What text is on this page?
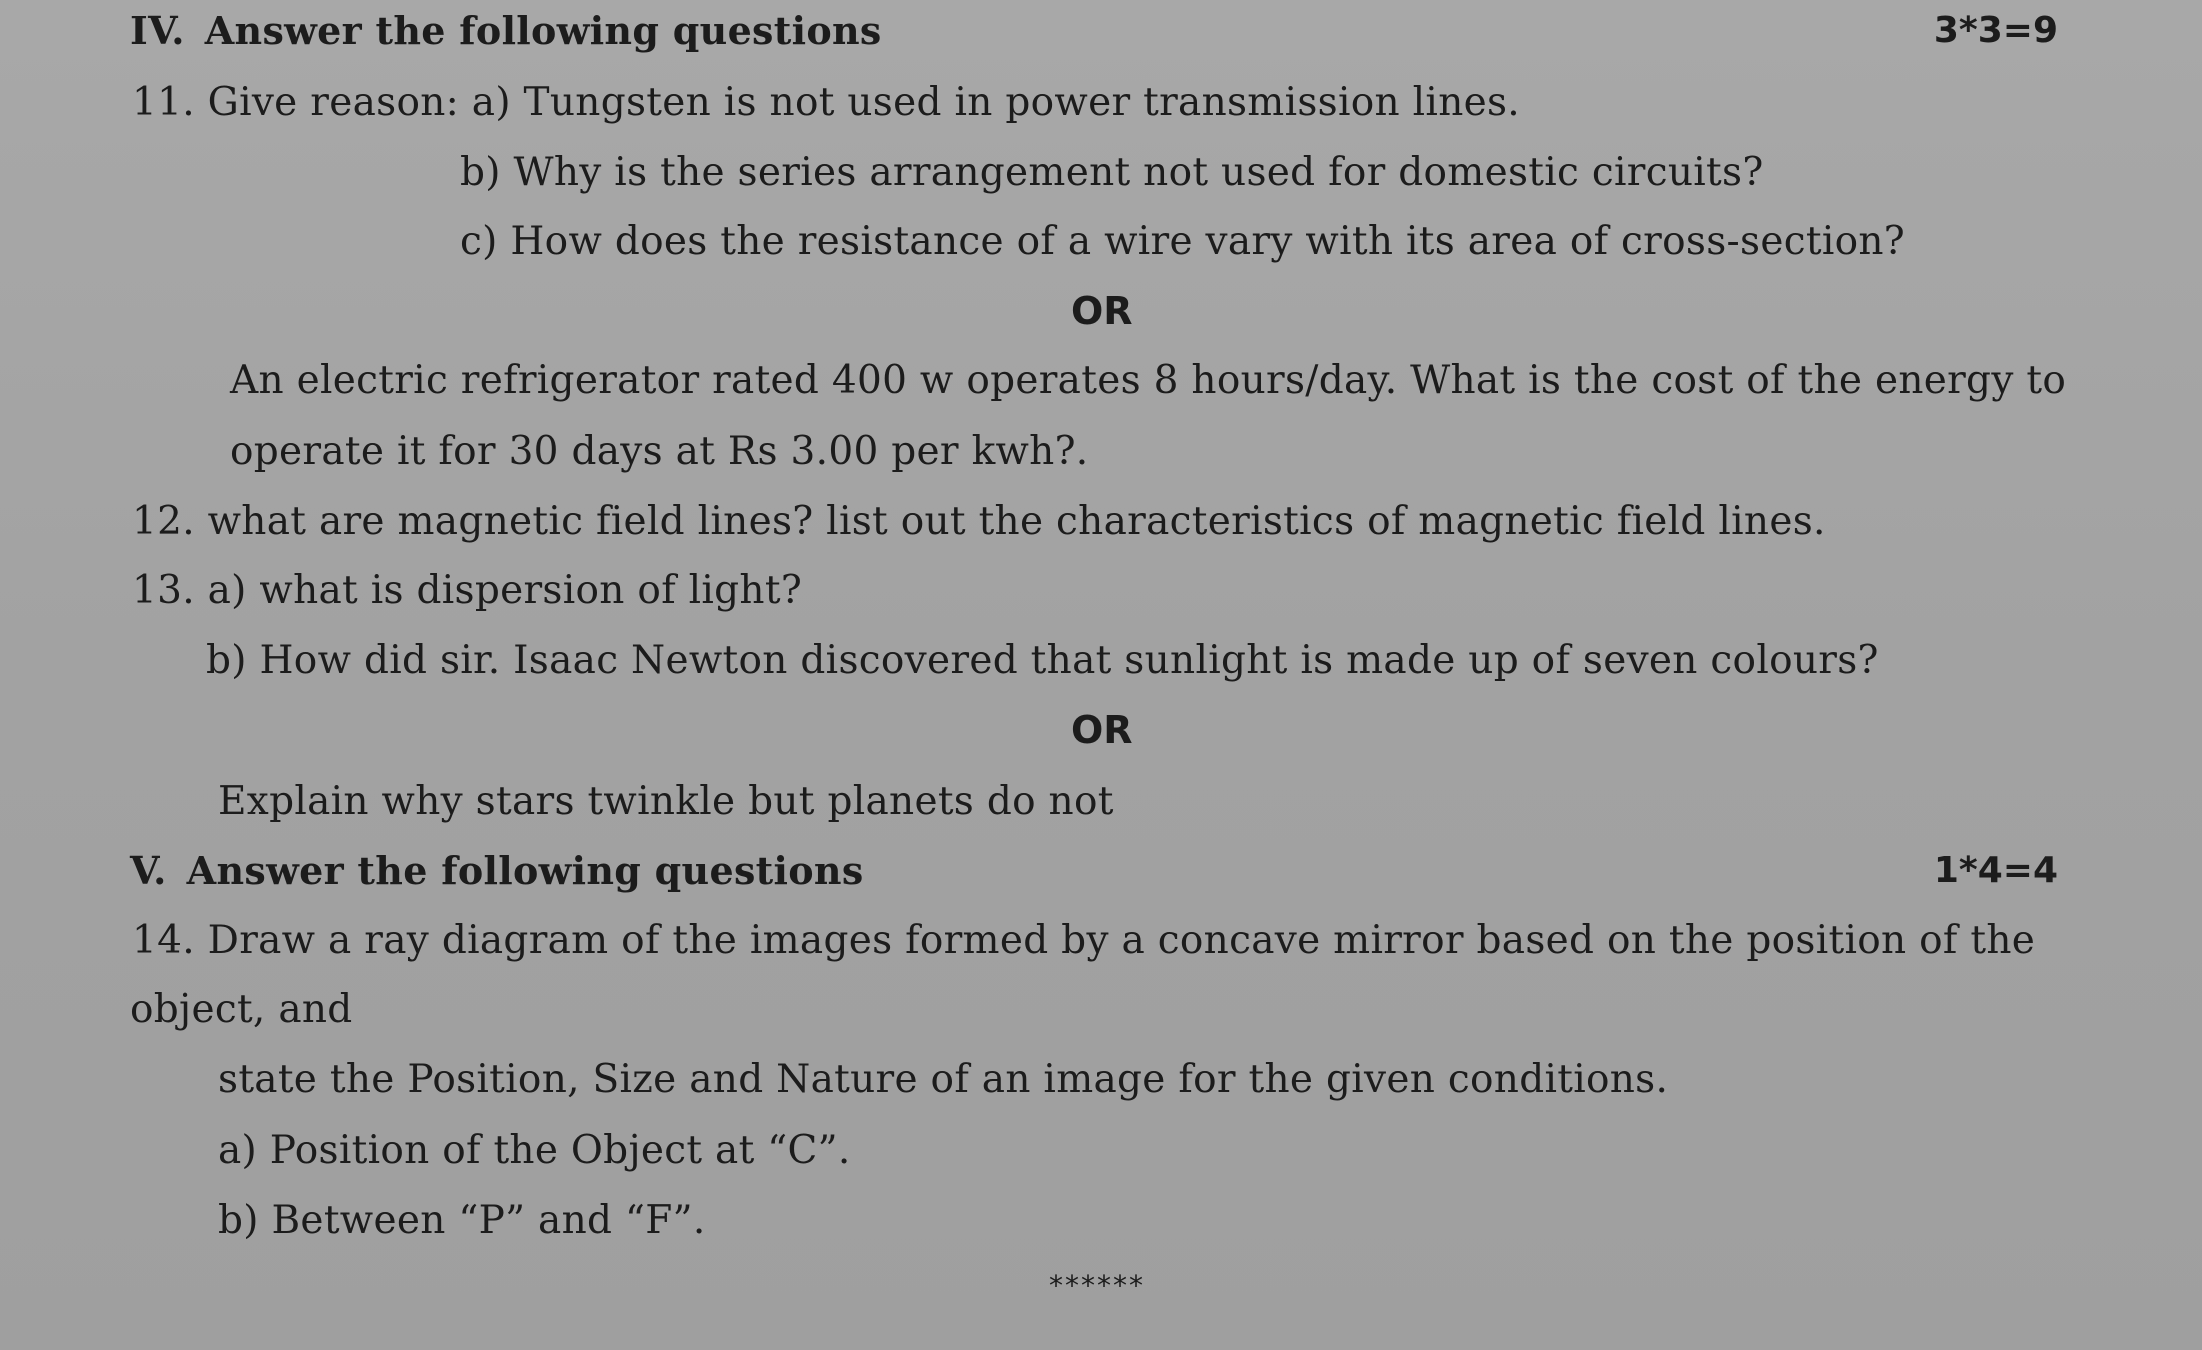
IV. Answer the following questions	3*3=9
11. Give reason: a) Tungsten is not used in power transmission lines.
b) Why is the series arrangement not used for domestic circuits?
c) How does the resistance of a wire vary with its area of cross-section?
OR
An electric refrigerator rated 400 w operates 8 hours/day. What is the cost of the energy to
operate it for 30 days at Rs 3.00 per kwh?.
12. what are magnetic field lines? list out the characteristics of magnetic field lines.
13. a) what is dispersion of light?
b) How did sir. Isaac Newton discovered that sunlight is made up of seven colours?
OR
Explain why stars twinkle but planets do not
V. Answer the following questions	1*4=4
14. Draw a ray diagram of the images formed by a concave mirror based on the position of the
object, and
state the Position, Size and Nature of an image for the given conditions.
a) Position of the Object at “C”.
b) Between “P” and “F”.
******
